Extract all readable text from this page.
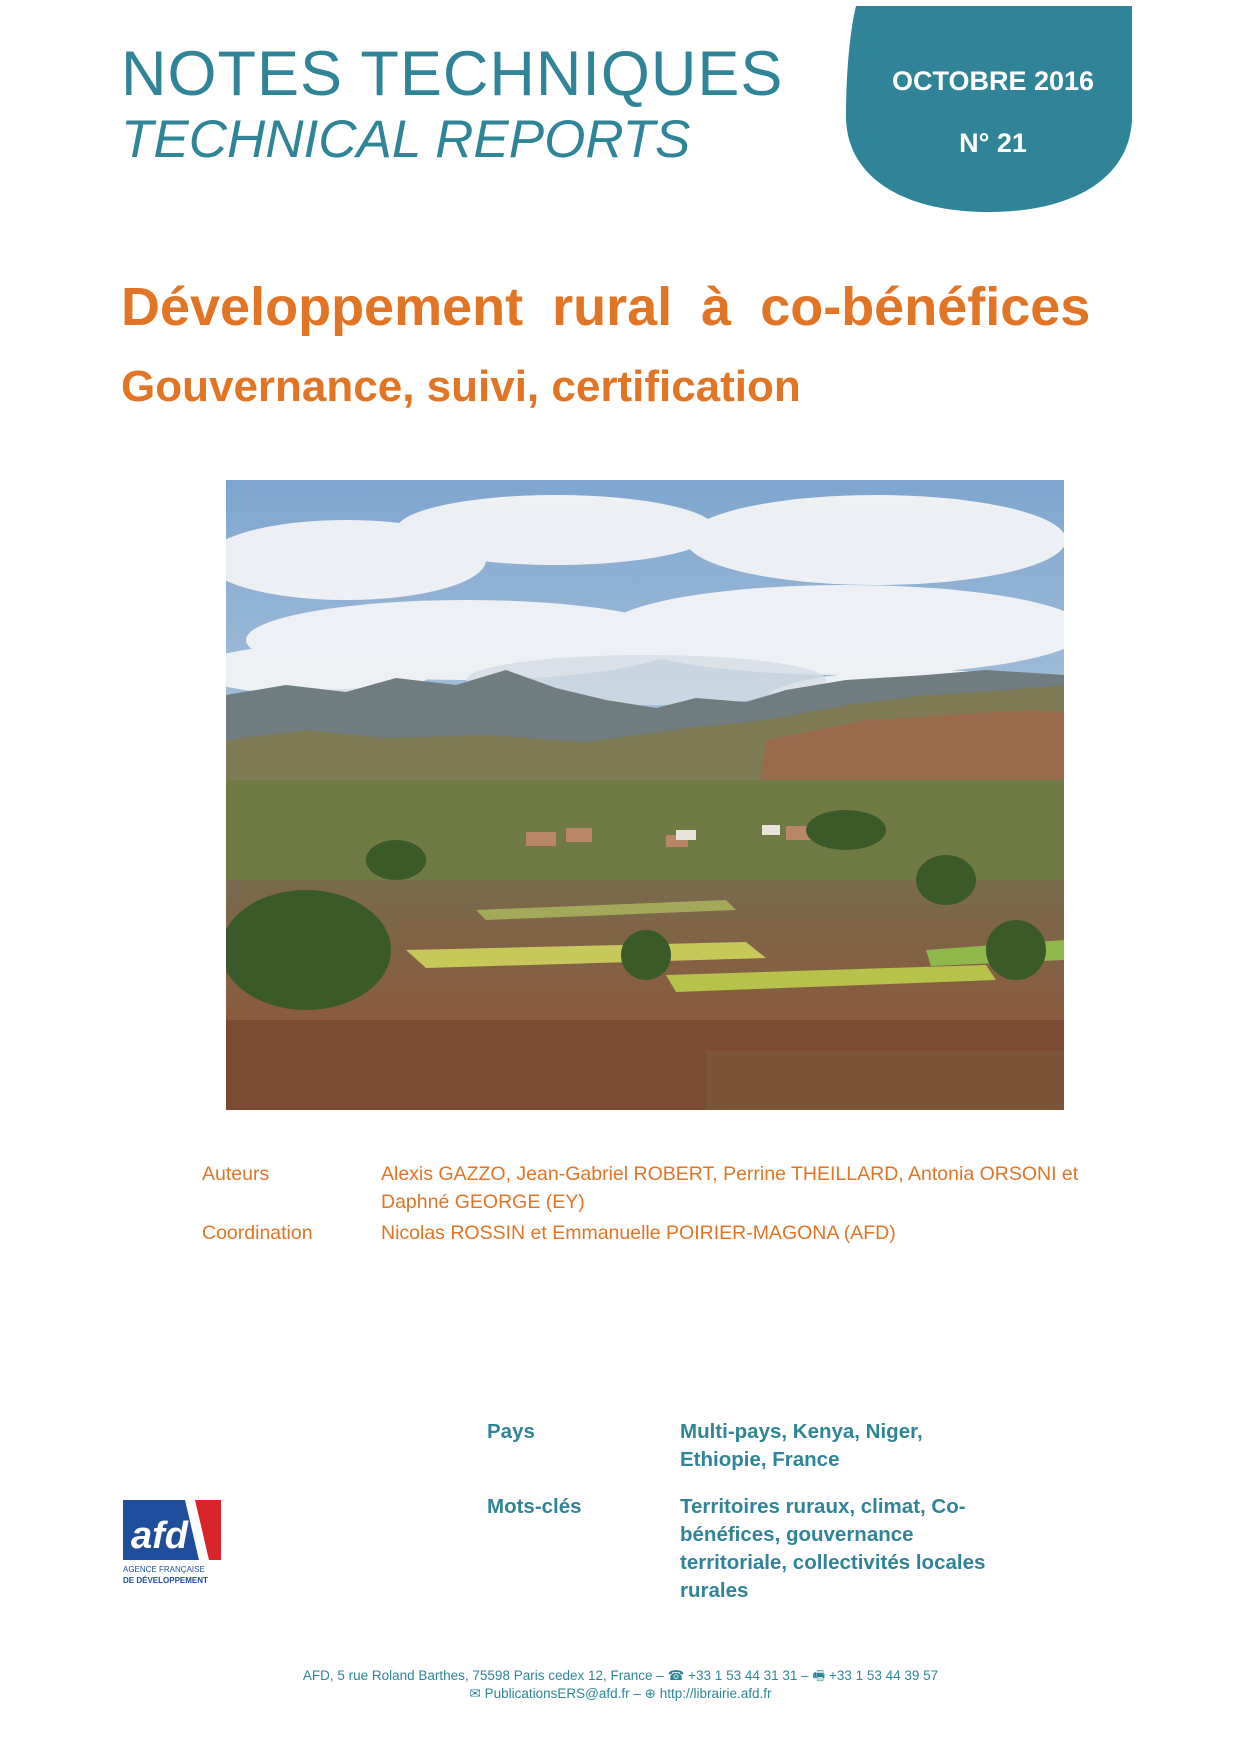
NOTES TECHNIQUES
TECHNICAL REPORTS
OCTOBRE 2016
N° 21
Développement rural à co-bénéfices
Gouvernance, suivi, certification
Auteurs	Alexis GAZZO, Jean-Gabriel ROBERT, Perrine THEILLARD, Antonia ORSONI et Daphné GEORGE (EY)
Coordination	Nicolas ROSSIN et Emmanuelle POIRIER-MAGONA (AFD)
Pays	Multi-pays, Kenya, Niger, Ethiopie, France
Mots-clés	Territoires ruraux, climat, Co-bénéfices, gouvernance territoriale, collectivités locales rurales
afd
AGENCE FRANÇAISE
DE DÉVELOPPEMENT
AFD, 5 rue Roland Barthes, 75598 Paris cedex 12, France – ☎ +33 1 53 44 31 31 – 🖷 +33 1 53 44 39 57
✉ PublicationsERS@afd.fr – ⊕ http://librairie.afd.fr
